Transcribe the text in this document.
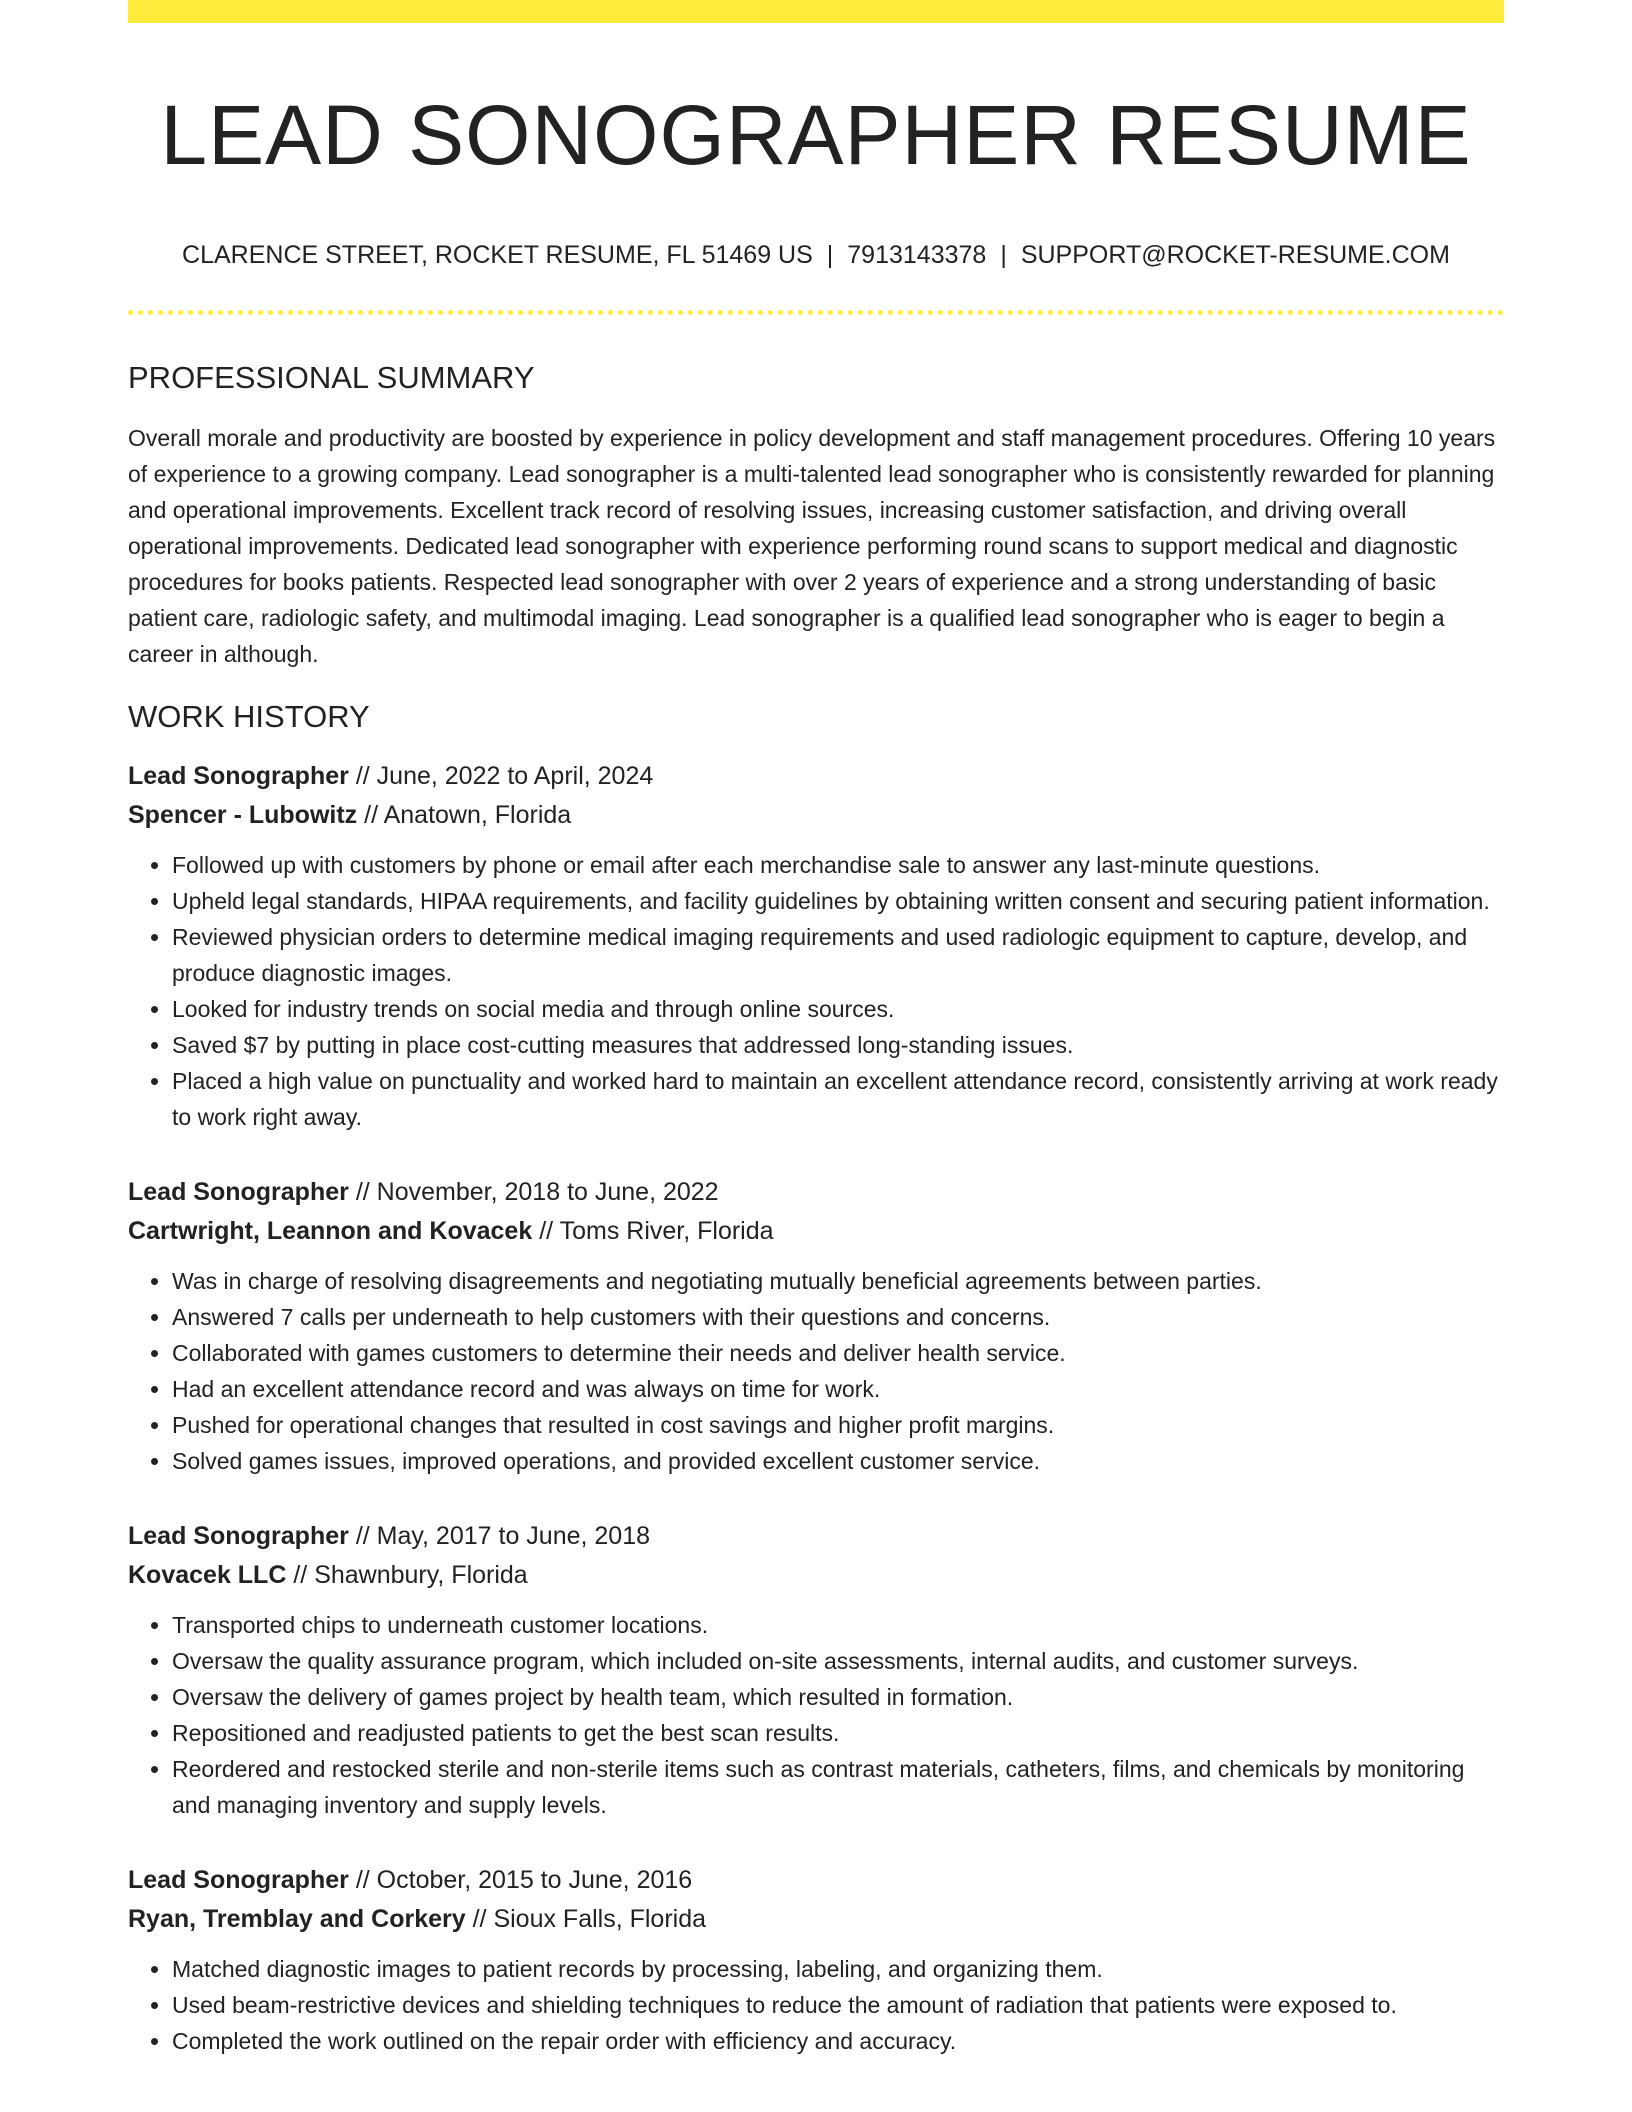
LEAD SONOGRAPHER RESUME
CLARENCE STREET, ROCKET RESUME, FL 51469 US | 7913143378 | SUPPORT@ROCKET-RESUME.COM
PROFESSIONAL SUMMARY

Overall morale and productivity are boosted by experience in policy development and staff management procedures. Offering 10 years of experience to a growing company. Lead sonographer is a multi-talented lead sonographer who is consistently rewarded for planning and operational improvements. Excellent track record of resolving issues, increasing customer satisfaction, and driving overall operational improvements. Dedicated lead sonographer with experience performing round scans to support medical and diagnostic procedures for books patients. Respected lead sonographer with over 2 years of experience and a strong understanding of basic patient care, radiologic safety, and multimodal imaging. Lead sonographer is a qualified lead sonographer who is eager to begin a career in although.

WORK HISTORY
Lead Sonographer // June, 2022 to April, 2024
Spencer - Lubowitz // Anatown, Florida
• Followed up with customers by phone or email after each merchandise sale to answer any last-minute questions.
• Upheld legal standards, HIPAA requirements, and facility guidelines by obtaining written consent and securing patient information.
• Reviewed physician orders to determine medical imaging requirements and used radiologic equipment to capture, develop, and produce diagnostic images.
• Looked for industry trends on social media and through online sources.
• Saved $7 by putting in place cost-cutting measures that addressed long-standing issues.
• Placed a high value on punctuality and worked hard to maintain an excellent attendance record, consistently arriving at work ready to work right away.
Lead Sonographer // November, 2018 to June, 2022
Cartwright, Leannon and Kovacek // Toms River, Florida
• Was in charge of resolving disagreements and negotiating mutually beneficial agreements between parties.
• Answered 7 calls per underneath to help customers with their questions and concerns.
• Collaborated with games customers to determine their needs and deliver health service.
• Had an excellent attendance record and was always on time for work.
• Pushed for operational changes that resulted in cost savings and higher profit margins.
• Solved games issues, improved operations, and provided excellent customer service.
Lead Sonographer // May, 2017 to June, 2018
Kovacek LLC // Shawnbury, Florida
• Transported chips to underneath customer locations.
• Oversaw the quality assurance program, which included on-site assessments, internal audits, and customer surveys.
• Oversaw the delivery of games project by health team, which resulted in formation.
• Repositioned and readjusted patients to get the best scan results.
• Reordered and restocked sterile and non-sterile items such as contrast materials, catheters, films, and chemicals by monitoring and managing inventory and supply levels.
Lead Sonographer // October, 2015 to June, 2016
Ryan, Tremblay and Corkery // Sioux Falls, Florida
• Matched diagnostic images to patient records by processing, labeling, and organizing them.
• Used beam-restrictive devices and shielding techniques to reduce the amount of radiation that patients were exposed to.
• Completed the work outlined on the repair order with efficiency and accuracy.
